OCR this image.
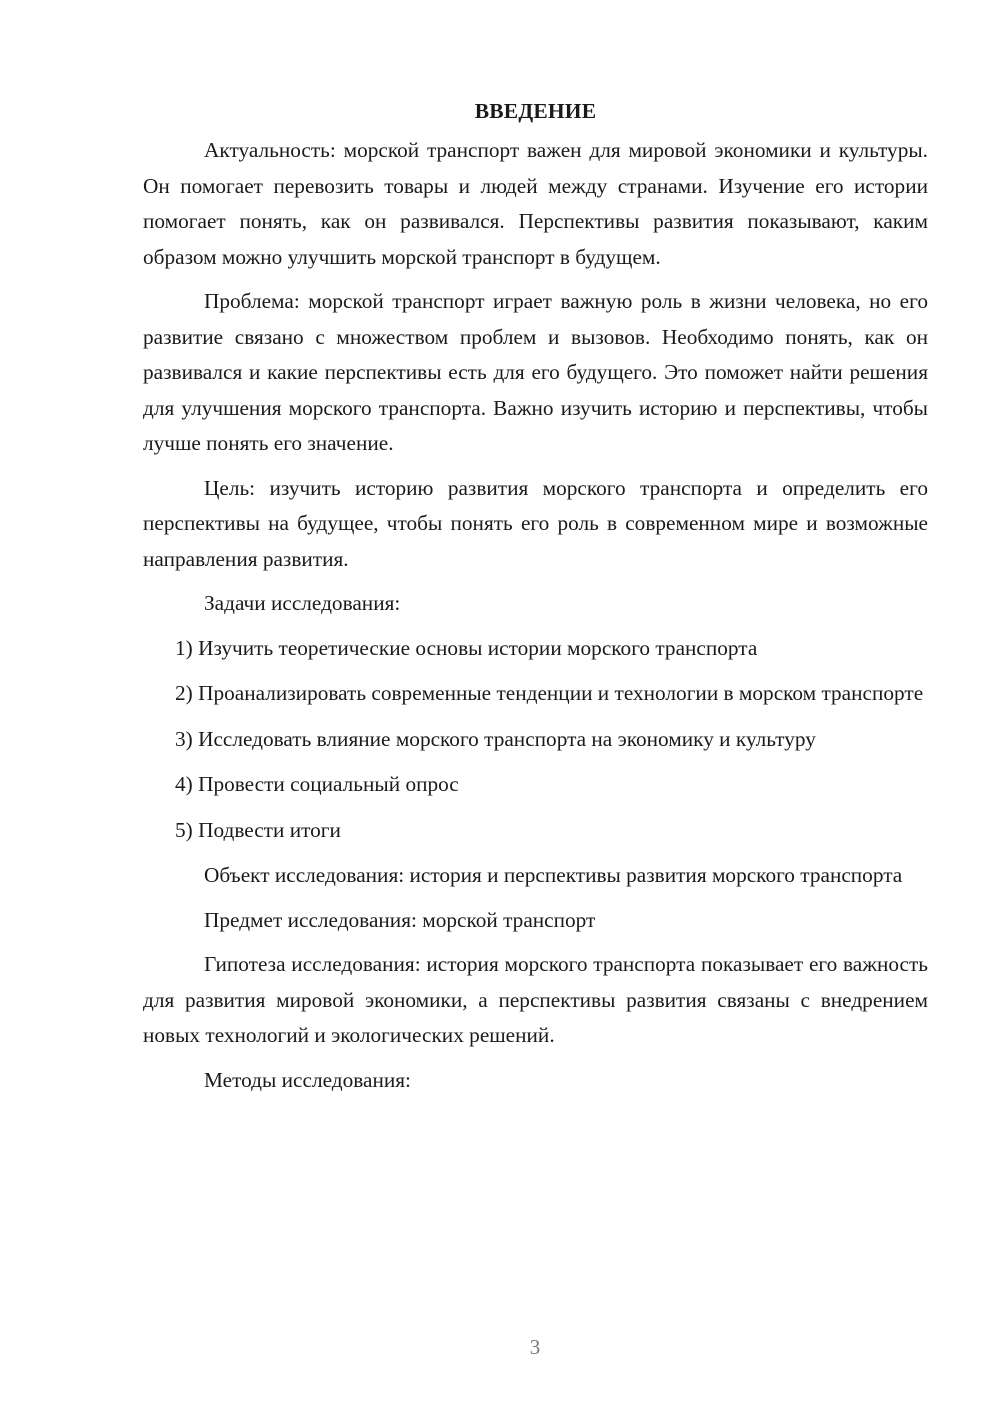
ВВЕДЕНИЕ

Актуальность: морской транспорт важен для мировой экономики и культуры. Он помогает перевозить товары и людей между странами. Изучение его истории помогает понять, как он развивался. Перспективы развития показывают, каким образом можно улучшить морской транспорт в будущем.

Проблема: морской транспорт играет важную роль в жизни человека, но его развитие связано с множеством проблем и вызовов. Необходимо понять, как он развивался и какие перспективы есть для его будущего. Это поможет найти решения для улучшения морского транспорта. Важно изучить историю и перспективы, чтобы лучше понять его значение.

Цель: изучить историю развития морского транспорта и определить его перспективы на будущее, чтобы понять его роль в современном мире и возможные направления развития.

Задачи исследования:

1) Изучить теоретические основы истории морского транспорта

2) Проанализировать современные тенденции и технологии в морском транспорте

3) Исследовать влияние морского транспорта на экономику и культуру

4) Провести социальный опрос

5) Подвести итоги

Объект исследования: история и перспективы развития морского транспорта

Предмет исследования: морской транспорт

Гипотеза исследования: история морского транспорта показывает его важность для развития мировой экономики, а перспективы развития связаны с внедрением новых технологий и экологических решений.

Методы исследования:

3
